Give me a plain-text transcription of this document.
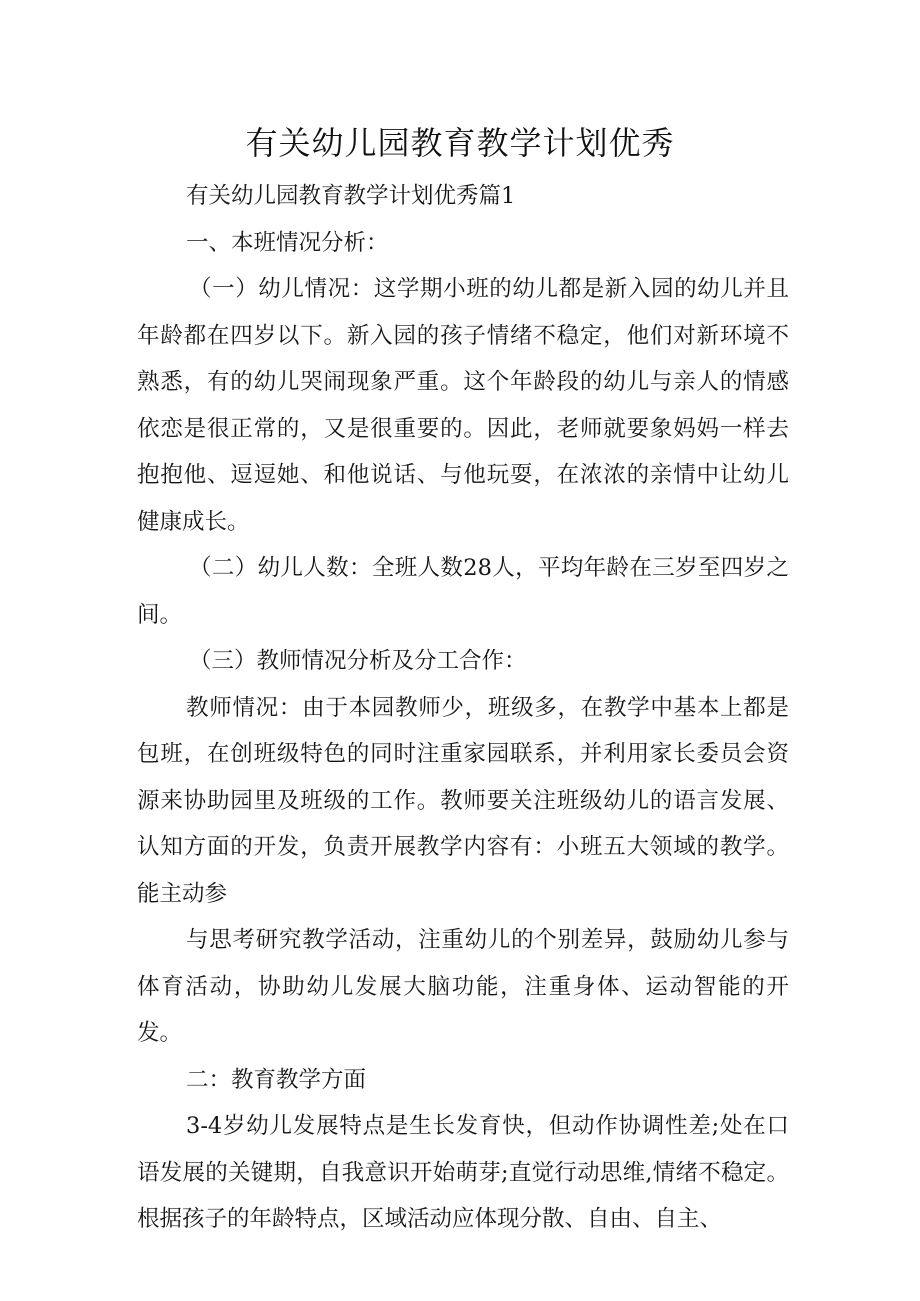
有关幼儿园教育教学计划优秀

有关幼儿园教育教学计划优秀篇1

一、本班情况分析：

（一）幼儿情况：这学期小班的幼儿都是新入园的幼儿并且年龄都在四岁以下。新入园的孩子情绪不稳定，他们对新环境不熟悉，有的幼儿哭闹现象严重。这个年龄段的幼儿与亲人的情感依恋是很正常的，又是很重要的。因此，老师就要象妈妈一样去抱抱他、逗逗她、和他说话、与他玩耍，在浓浓的亲情中让幼儿健康成长。

（二）幼儿人数：全班人数28人，平均年龄在三岁至四岁之间。

（三）教师情况分析及分工合作：

教师情况：由于本园教师少，班级多，在教学中基本上都是包班，在创班级特色的同时注重家园联系，并利用家长委员会资源来协助园里及班级的工作。教师要关注班级幼儿的语言发展、认知方面的开发，负责开展教学内容有：小班五大领域的教学。能主动参

与思考研究教学活动，注重幼儿的个别差异，鼓励幼儿参与体育活动，协助幼儿发展大脑功能，注重身体、运动智能的开发。

二：教育教学方面

3-4岁幼儿发展特点是生长发育快，但动作协调性差;处在口语发展的关键期，自我意识开始萌芽;直觉行动思维,情绪不稳定。根据孩子的年龄特点，区域活动应体现分散、自由、自主、
